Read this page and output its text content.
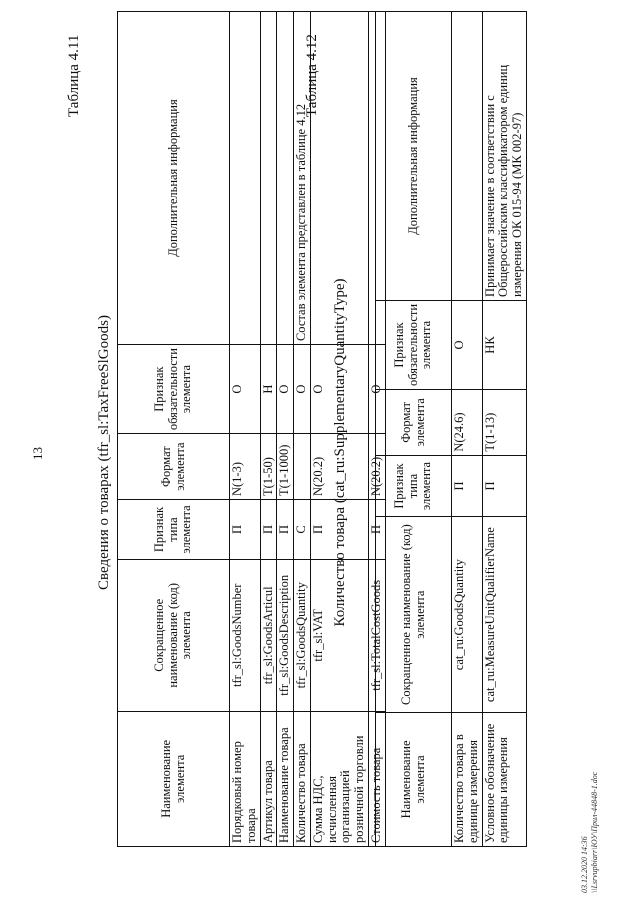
13
Таблица 4.11
Сведения о товарах (tfr_sl:TaxFreeSlGoods)
Наименование элемента	Сокращенное наименование (код) элемента	Признак типа элемента	Формат элемента	Признак обязательности элемента	Дополнительная информация
Порядковый номер товара	tfr_sl:GoodsNumber	П	N(1-3)	О	
Артикул товара	tfr_sl:GoodsArticul	П	T(1-50)	Н	
Наименование товара	tfr_sl:GoodsDescription	П	T(1-1000)	О	
Количество товара	tfr_sl:GoodsQuantity	С		О	Состав элемента представлен в таблице 4.12
Сумма НДС, исчисленная организацией розничной торговли	tfr_sl:VAT	П	N(20.2)	О	
Стоимость товара	tfr_sl:TotalCostGoods	П	N(20.2)	О	
Таблица 4.12
Количество товара (cat_ru:SupplementaryQuantityType)
Наименование элемента	Сокращенное наименование (код) элемента	Признак типа элемента	Формат элемента	Признак обязательности элемента	Дополнительная информация
Количество товара в единице измерения	cat_ru:GoodsQuantity	П	N(24.6)	О	
Условное обозначение единицы измерения	cat_ru:MeasureUnitQualifierName	П	T(1-13)	НК	Принимает значение в соответствии с Общероссийским классификатором единиц измерения ОК 015-94 (МК 002-97)
03.12.2020 14:36 \\Lsrvupbiarr\ЮУ\Прил-44848-1.doc
